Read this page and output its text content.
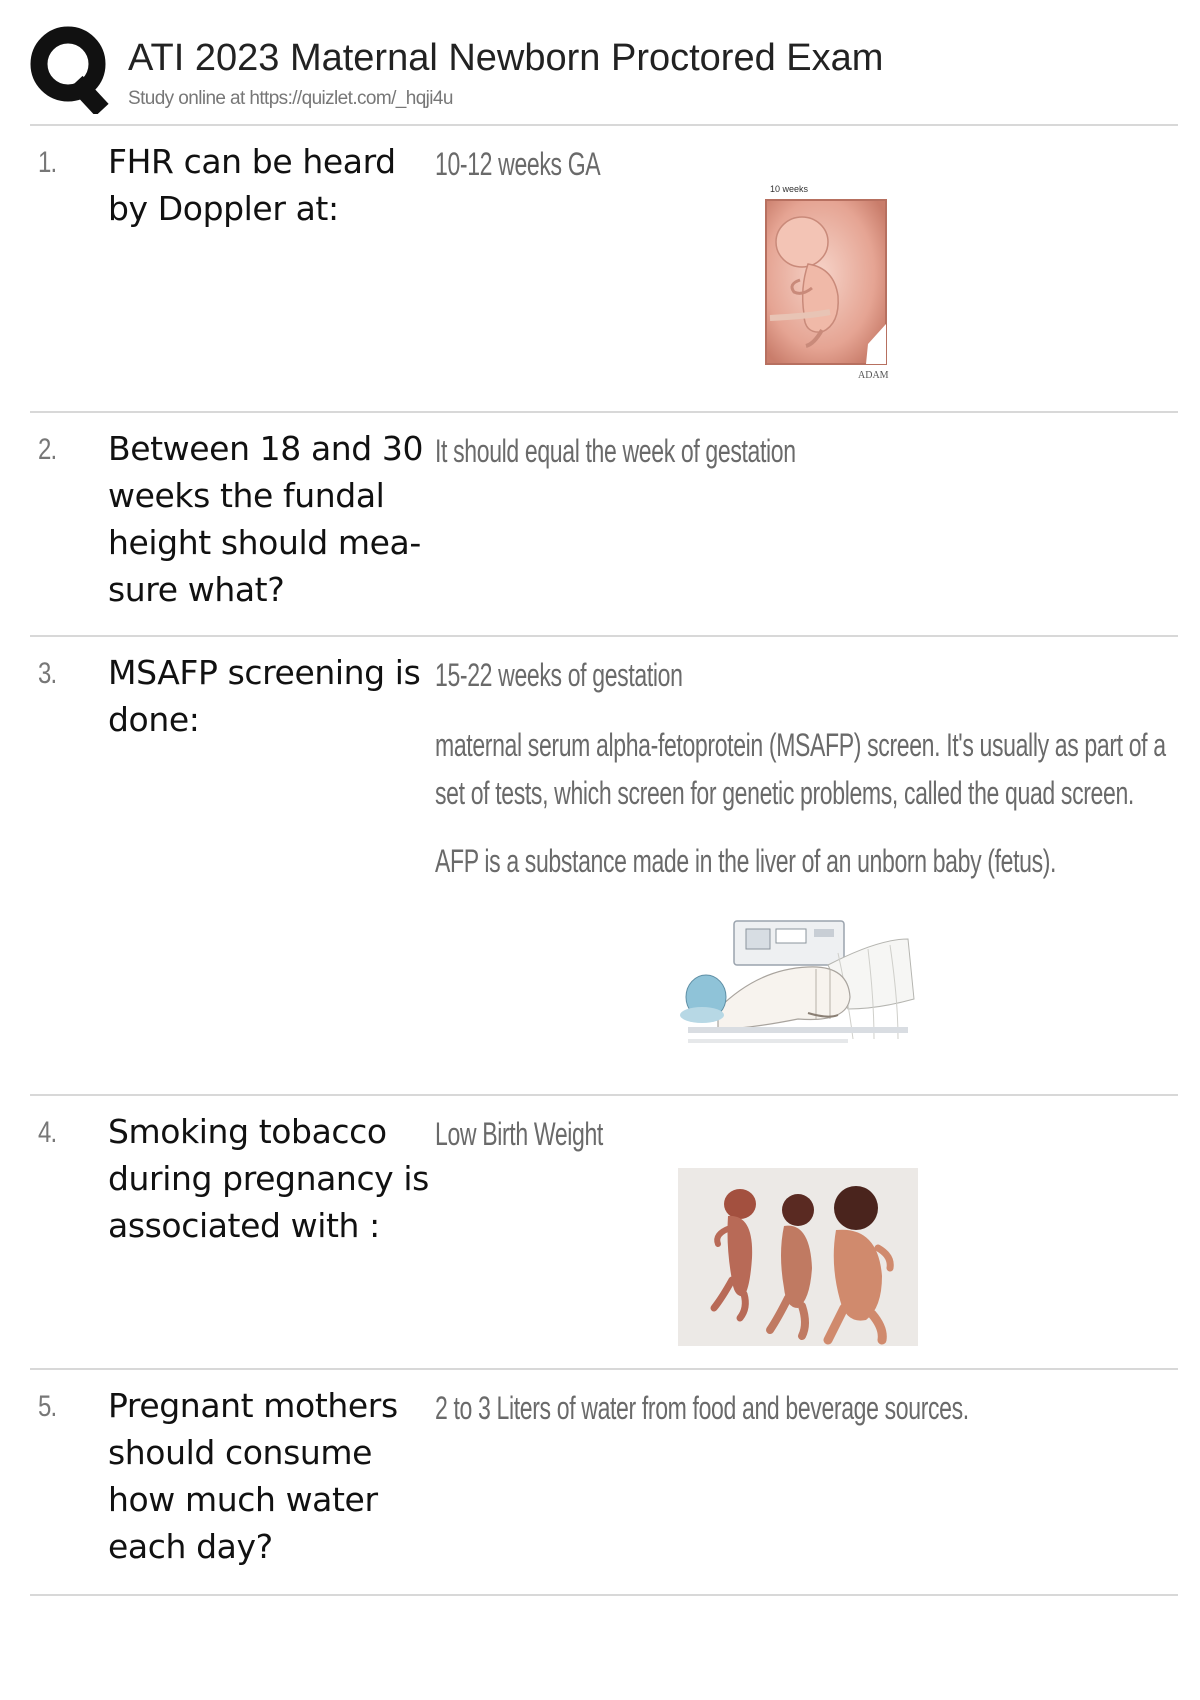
ATI 2023 Maternal Newborn Proctored Exam
Study online at https://quizlet.com/_hqji4u
1. FHR can be heard by Doppler at:
10-12 weeks GA
10 weeks
ADAM
2. Between 18 and 30 weeks the fundal height should mea-sure what?
It should equal the week of gestation
3. MSAFP screening is done:
15-22 weeks of gestation
maternal serum alpha-fetoprotein (MSAFP) screen. It's usually as part of a set of tests, which screen for genetic problems, called the quad screen.
AFP is a substance made in the liver of an unborn baby (fetus).
4. Smoking tobacco during pregnancy is associated with :
Low Birth Weight
5. Pregnant mothers should consume how much water each day?
2 to 3 Liters of water from food and beverage sources.
